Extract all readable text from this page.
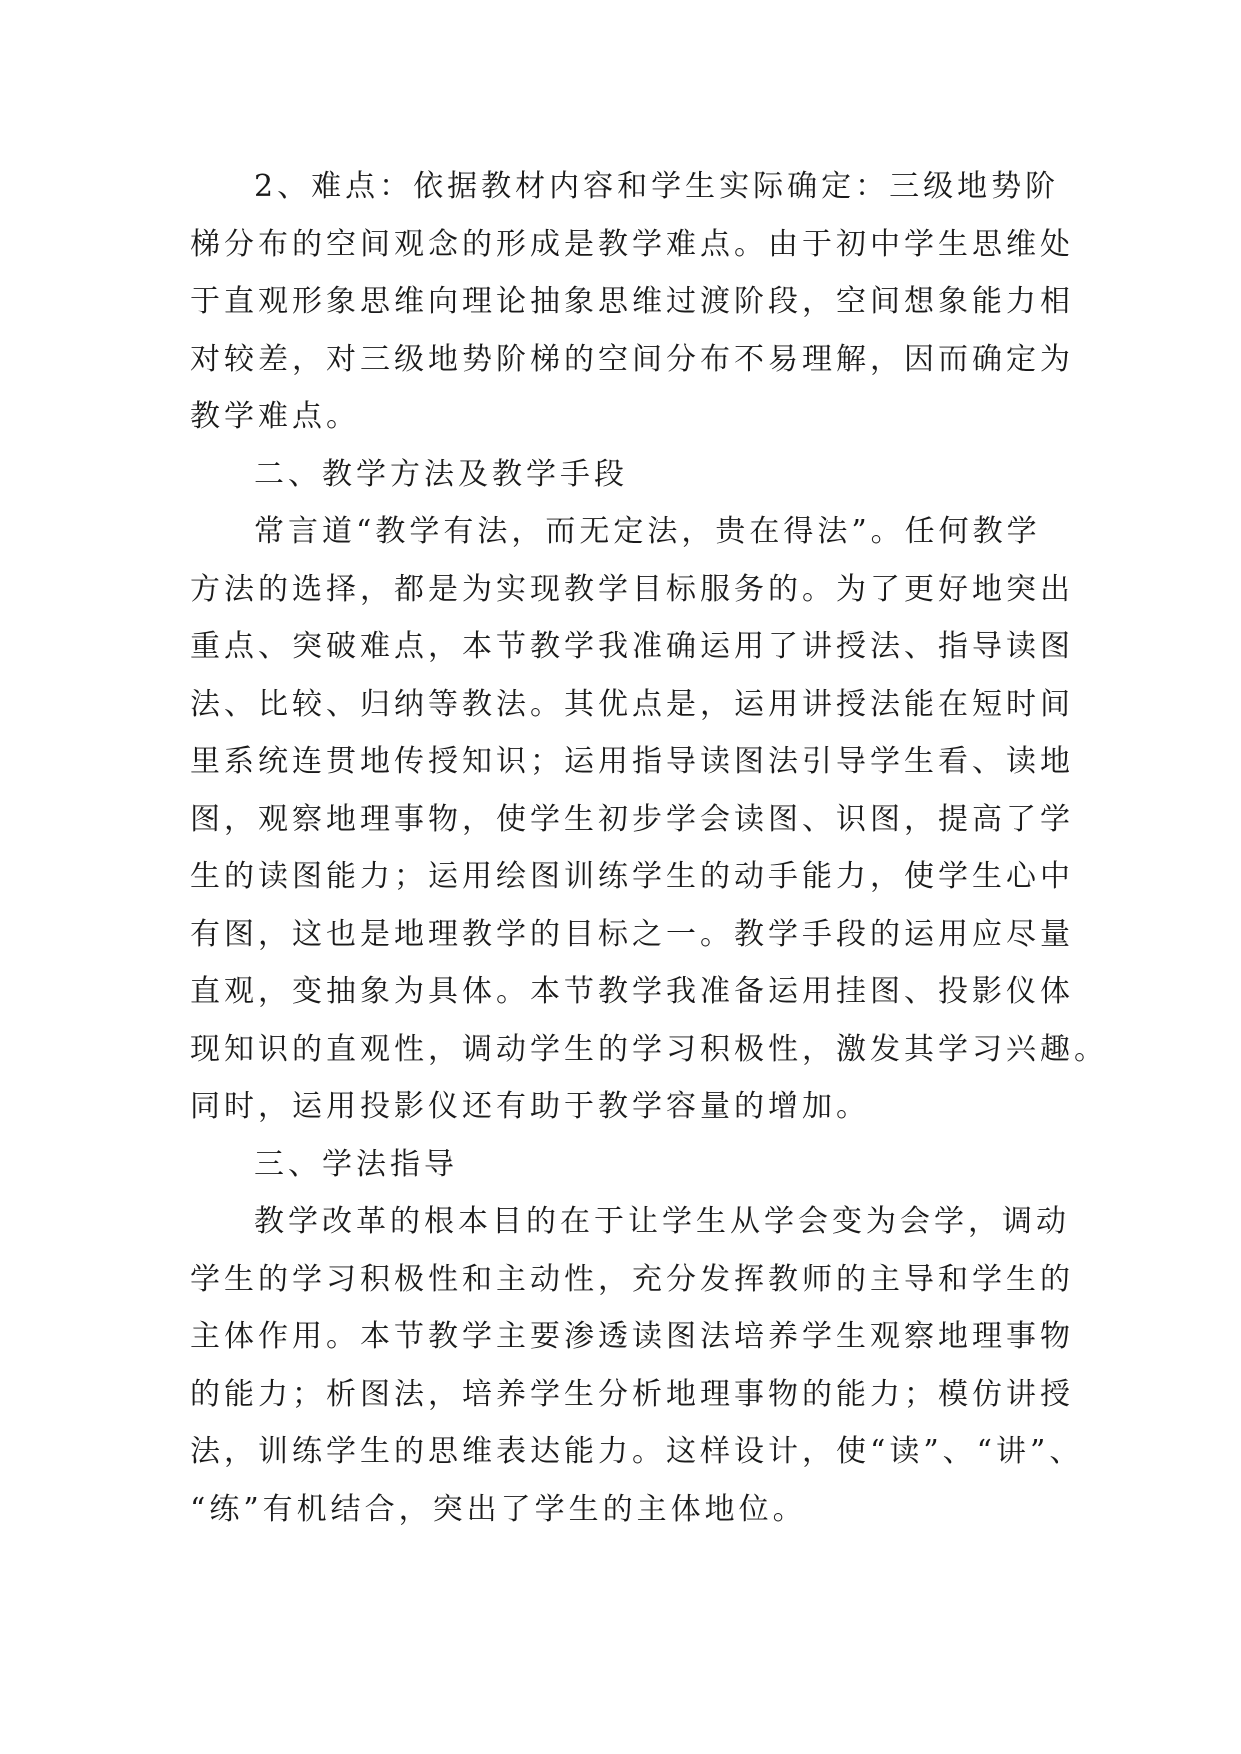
2、难点：依据教材内容和学生实际确定：三级地势阶
梯分布的空间观念的形成是教学难点。由于初中学生思维处
于直观形象思维向理论抽象思维过渡阶段，空间想象能力相
对较差，对三级地势阶梯的空间分布不易理解，因而确定为
教学难点。
二、教学方法及教学手段
常言道“教学有法，而无定法，贵在得法”。任何教学
方法的选择，都是为实现教学目标服务的。为了更好地突出
重点、突破难点，本节教学我准确运用了讲授法、指导读图
法、比较、归纳等教法。其优点是，运用讲授法能在短时间
里系统连贯地传授知识；运用指导读图法引导学生看、读地
图，观察地理事物，使学生初步学会读图、识图，提高了学
生的读图能力；运用绘图训练学生的动手能力，使学生心中
有图，这也是地理教学的目标之一。教学手段的运用应尽量
直观，变抽象为具体。本节教学我准备运用挂图、投影仪体
现知识的直观性，调动学生的学习积极性，激发其学习兴趣。
同时，运用投影仪还有助于教学容量的增加。
三、学法指导
教学改革的根本目的在于让学生从学会变为会学，调动
学生的学习积极性和主动性，充分发挥教师的主导和学生的
主体作用。本节教学主要渗透读图法培养学生观察地理事物
的能力；析图法，培养学生分析地理事物的能力；模仿讲授
法，训练学生的思维表达能力。这样设计，使“读”、“讲”、
“练”有机结合，突出了学生的主体地位。
